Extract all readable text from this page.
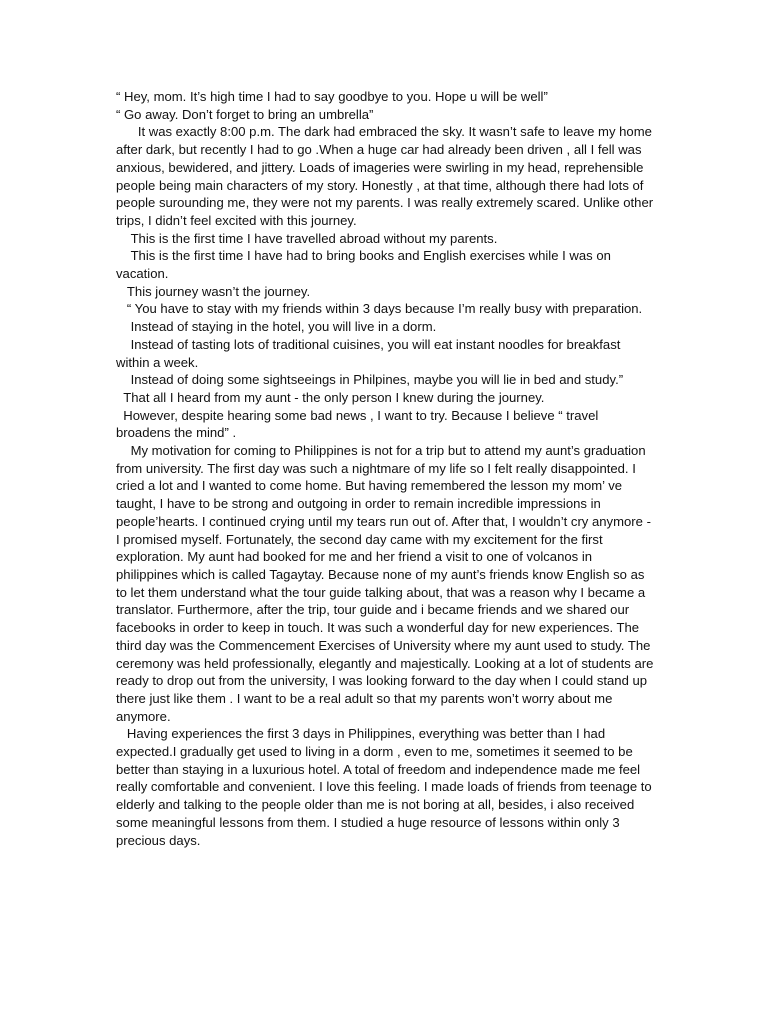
“ Hey, mom. It’s high time I had to say goodbye to you. Hope u will be well”

“ Go away. Don’t forget to bring an umbrella”

It was exactly 8:00 p.m. The dark had embraced the sky. It wasn’t safe to leave my home after dark, but recently I had to go .When a huge car had already been driven , all I fell was anxious, bewidered, and jittery. Loads of imageries were swirling in my head, reprehensible people being main characters of my story. Honestly , at that time, although there had lots of people surounding me, they were not my parents. I was really extremely scared. Unlike other trips, I didn’t feel excited with this journey.

This is the first time I have travelled abroad without my parents.

This is the first time I have had to bring books and English exercises while I was on vacation.

This journey wasn’t the journey.

“ You have to stay with my friends within 3 days because I’m really busy with preparation.

Instead of staying in the hotel, you will live in a dorm.

Instead of tasting lots of traditional cuisines, you will eat instant noodles for breakfast within a week.

Instead of doing some sightseeings in Philpines, maybe you will lie in bed and study.”

That all I heard from my aunt - the only person I knew during the journey.

However, despite hearing some bad news , I want to try. Because I believe “ travel broadens the mind” .

My motivation for coming to Philippines is not for a trip but to attend my aunt’s graduation from university. The first day was such a nightmare of my life so I felt really disappointed. I cried a lot and I wanted to come home. But having remembered the lesson my mom’ ve taught, I have to be strong and outgoing in order to remain incredible impressions in people’hearts. I continued crying until my tears run out of. After that, I wouldn’t cry anymore - I promised myself. Fortunately, the second day came with my excitement for the first exploration. My aunt had booked for me and her friend a visit to one of volcanos in philippines which is called Tagaytay. Because none of my aunt’s friends know English so as to let them understand what the tour guide talking about, that was a reason why I became a translator. Furthermore, after the trip, tour guide and i became friends and we shared our facebooks in order to keep in touch. It was such a wonderful day for new experiences. The third day was the Commencement Exercises of University where my aunt used to study. The ceremony was held professionally, elegantly and majestically. Looking at a lot of students are ready to drop out from the university, I was looking forward to the day when I could stand up there just like them . I want to be a real adult so that my parents won’t worry about me anymore.

Having experiences the first 3 days in Philippines, everything was better than I had expected.I gradually get used to living in a dorm , even to me, sometimes it seemed to be better than staying in a luxurious hotel. A total of freedom and independence made me feel really comfortable and convenient. I love this feeling. I made loads of friends from teenage to elderly and talking to the people older than me is not boring at all, besides, i also received some meaningful lessons from them. I studied a huge resource of lessons within only 3 precious days.
